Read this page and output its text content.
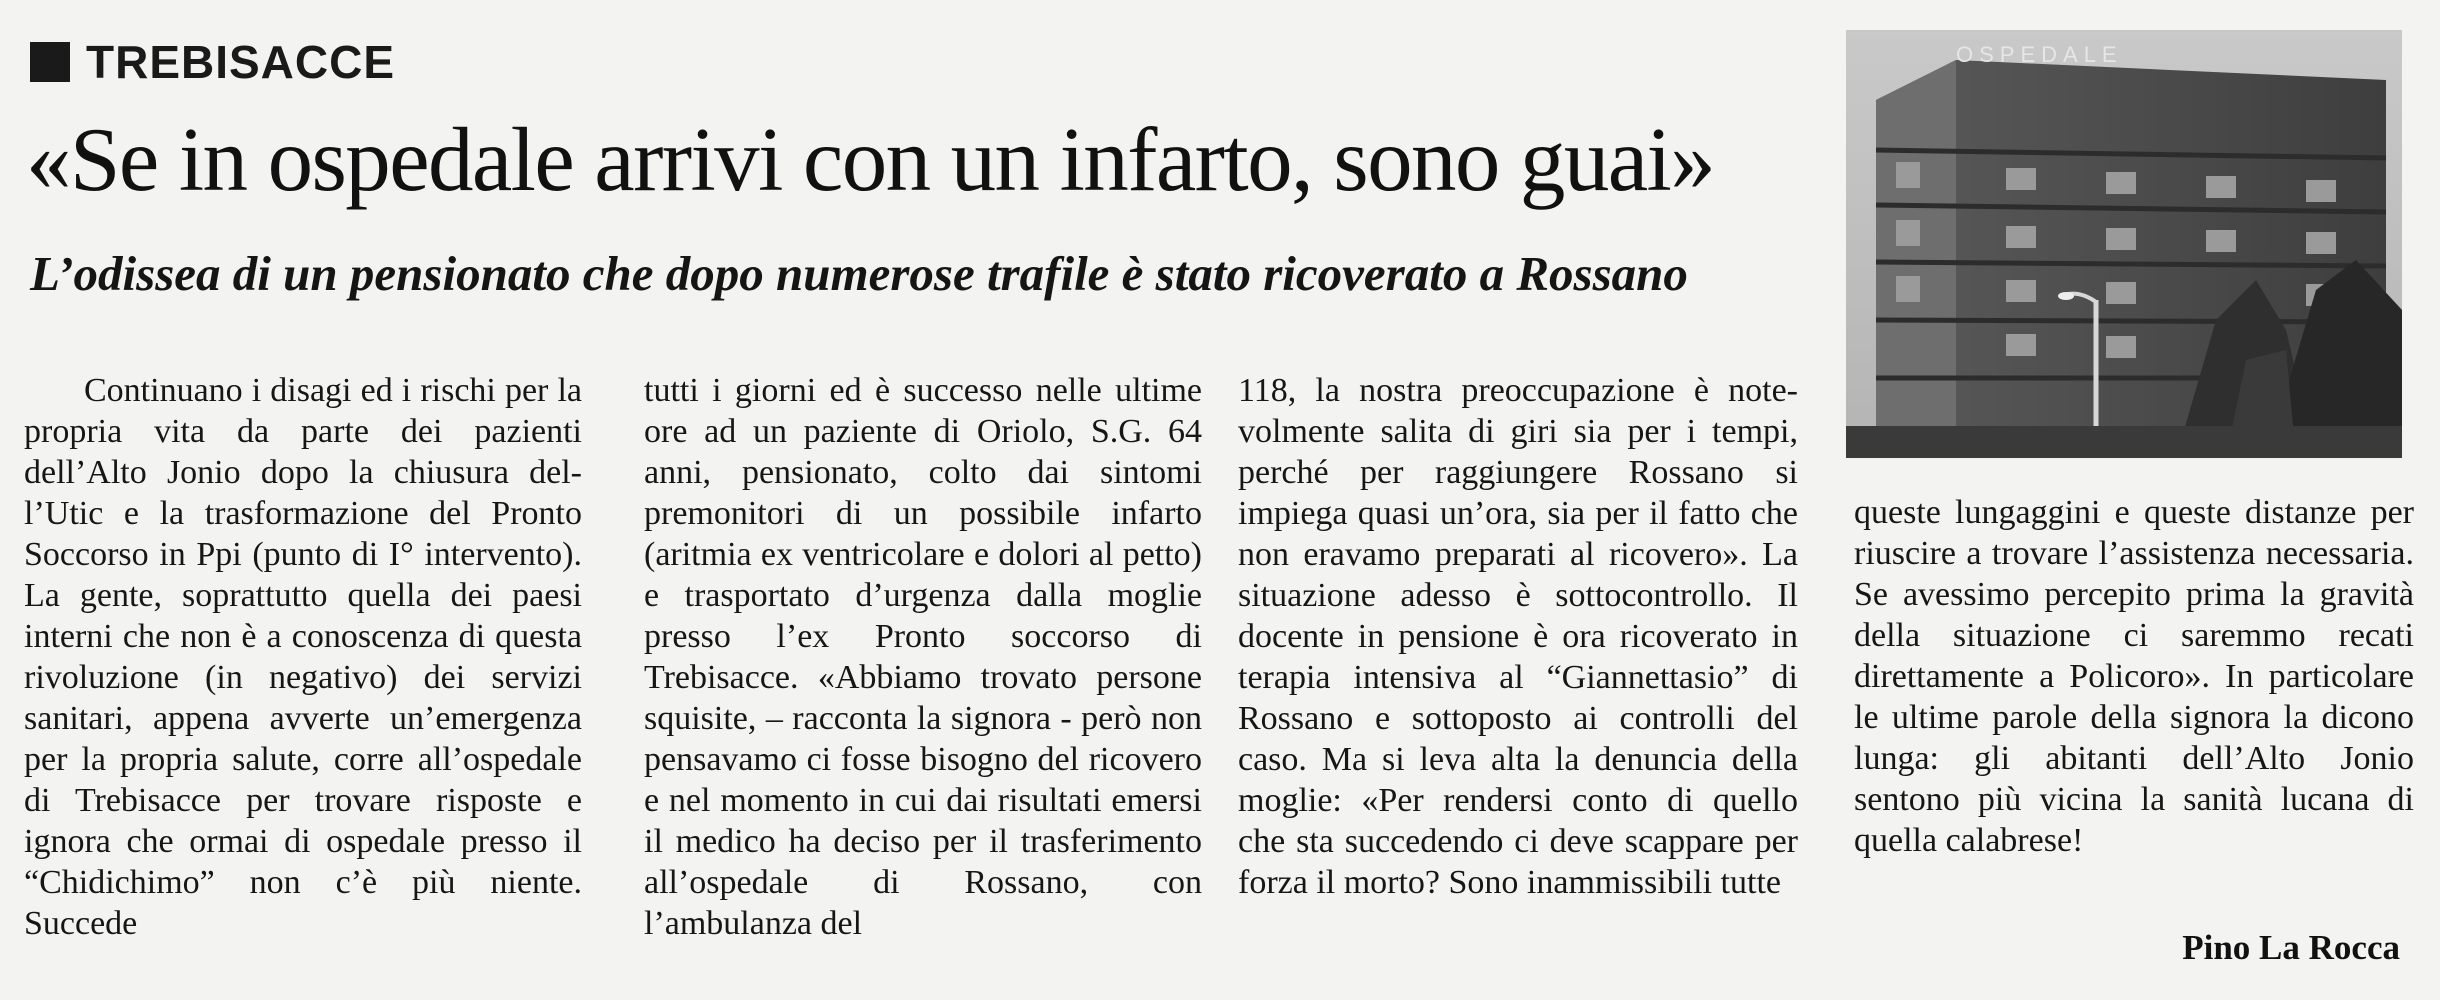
TREBISACCE
«Se in ospedale arrivi con un infarto, sono guai»
L’odissea di un pensionato che dopo numerose trafile è stato ricoverato a Rossano

Continuano i disagi ed i rischi per la propria vita da parte dei pazienti dell’Alto Jonio dopo la chiusura dell’Utic e la trasformazione del Pronto Soccorso in Ppi (punto di I° intervento). La gente, soprattutto quella dei paesi interni che non è a conoscenza di questa rivoluzione (in negativo) dei servizi sanitari, appena avverte un’emergenza per la propria salute, corre all’ospedale di Trebisacce per trovare risposte e ignora che ormai di ospedale presso il “Chidichimo” non c’è più niente. Succede

tutti i giorni ed è successo nelle ultime ore ad un paziente di Oriolo, S.G. 64 anni, pensionato, colto dai sintomi premonitori di un possibile infarto (aritmia ex ventricolare e dolori al petto) e trasportato d’urgenza dalla moglie presso l’ex Pronto soccorso di Trebisacce. «Abbiamo trovato persone squisite, – racconta la signora - però non pensavamo ci fosse bisogno del ricovero e nel momento in cui dai risultati emersi il medico ha deciso per il trasferimento all’ospedale di Rossano, con l’ambulanza del

118, la nostra preoccupazione è notevolmente salita di giri sia per i tempi, perché per raggiungere Rossano si impiega quasi un’ora, sia per il fatto che non eravamo preparati al ricovero». La situazione adesso è sottocontrollo. Il docente in pensione è ora ricoverato in terapia intensiva al “Giannettasio” di Rossano e sottoposto ai controlli del caso. Ma si leva alta la denuncia della moglie: «Per rendersi conto di quello che sta succedendo ci deve scappare per forza il morto? Sono inammissibili tutte

queste lungaggini e queste distanze per riuscire a trovare l’assistenza necessaria. Se avessimo percepito prima la gravità della situazione ci saremmo recati direttamente a Policoro». In particolare le ultime parole della signora la dicono lunga: gli abitanti dell’Alto Jonio sentono più vicina la sanità lucana di quella calabrese!

Pino La Rocca
OSPEDALE
